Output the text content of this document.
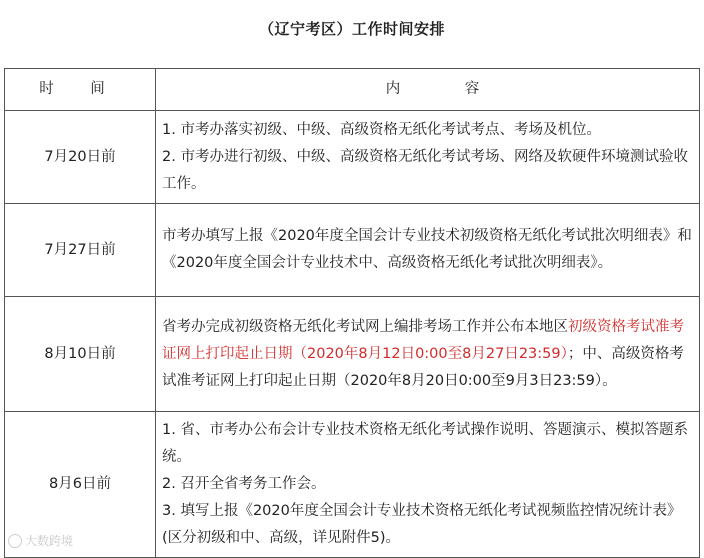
（辽宁考区）工作时间安排
时 间	内 容
7月20日前	1. 市考办落实初级、中级、高级资格无纸化考试考点、考场及机位。
2. 市考办进行初级、中级、高级资格无纸化考试考场、网络及软硬件环境测试验收工作。

7月27日前	市考办填写上报《2020年度全国会计专业技术初级资格无纸化考试批次明细表》和《2020年度全国会计专业技术中、高级资格无纸化考试批次明细表》。

8月10日前	省考办完成初级资格无纸化考试网上编排考场工作并公布本地区初级资格考试准考证网上打印起止日期（2020年8月12日0:00至8月27日23:59）；中、高级资格考试准考证网上打印起止日期（2020年8月20日0:00至9月3日23:59）。
8月6日前	1. 省、市考办公布会计专业技术资格无纸化考试操作说明、答题演示、模拟答题系统。
2. 召开全省考务工作会。
3. 填写上报《2020年度全国会计专业技术资格无纸化考试视频监控情况统计表》(区分初级和中、高级，详见附件5)。
大数跨境
